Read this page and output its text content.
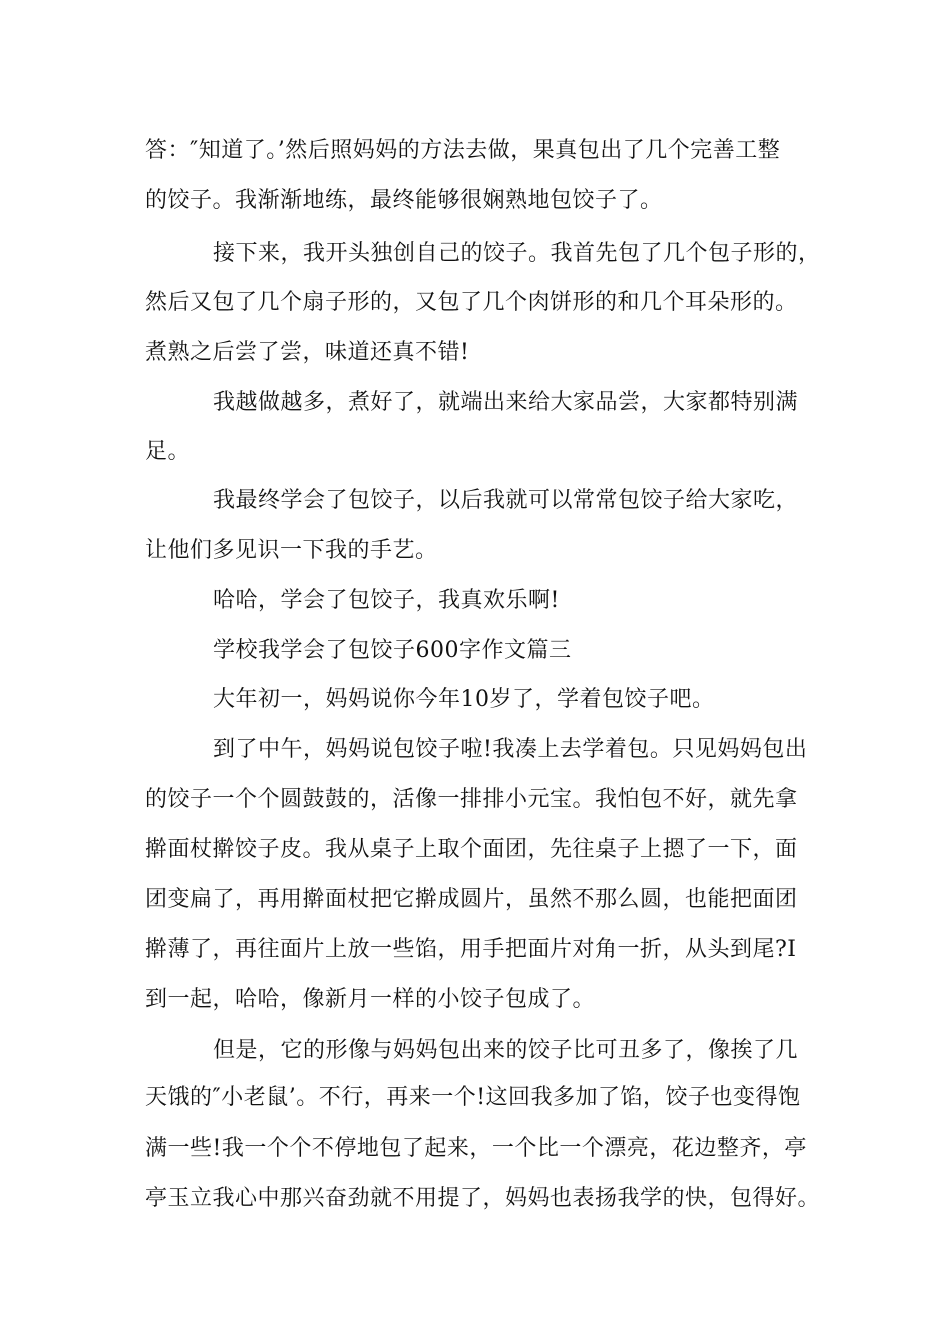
答：″知道了。’然后照妈妈的方法去做，果真包出了几个完善工整
的饺子。我渐渐地练，最终能够很娴熟地包饺子了。
接下来，我开头独创自己的饺子。我首先包了几个包子形的，
然后又包了几个扇子形的，又包了几个肉饼形的和几个耳朵形的。
煮熟之后尝了尝，味道还真不错!
我越做越多，煮好了，就端出来给大家品尝，大家都特别满
足。
我最终学会了包饺子，以后我就可以常常包饺子给大家吃，
让他们多见识一下我的手艺。
哈哈，学会了包饺子，我真欢乐啊!
学校我学会了包饺子600字作文篇三
大年初一，妈妈说你今年10岁了，学着包饺子吧。
到了中午，妈妈说包饺子啦!我凑上去学着包。只见妈妈包出
的饺子一个个圆鼓鼓的，活像一排排小元宝。我怕包不好，就先拿
擀面杖擀饺子皮。我从桌子上取个面团，先往桌子上摁了一下，面
团变扁了，再用擀面杖把它擀成圆片，虽然不那么圆，也能把面团
擀薄了，再往面片上放一些馅，用手把面片对角一折，从头到尾?I
到一起，哈哈，像新月一样的小饺子包成了。
但是，它的形像与妈妈包出来的饺子比可丑多了，像挨了几
天饿的″小老鼠’。不行，再来一个!这回我多加了馅，饺子也变得饱
满一些!我一个个不停地包了起来，一个比一个漂亮，花边整齐，亭
亭玉立我心中那兴奋劲就不用提了，妈妈也表扬我学的快，包得好。
